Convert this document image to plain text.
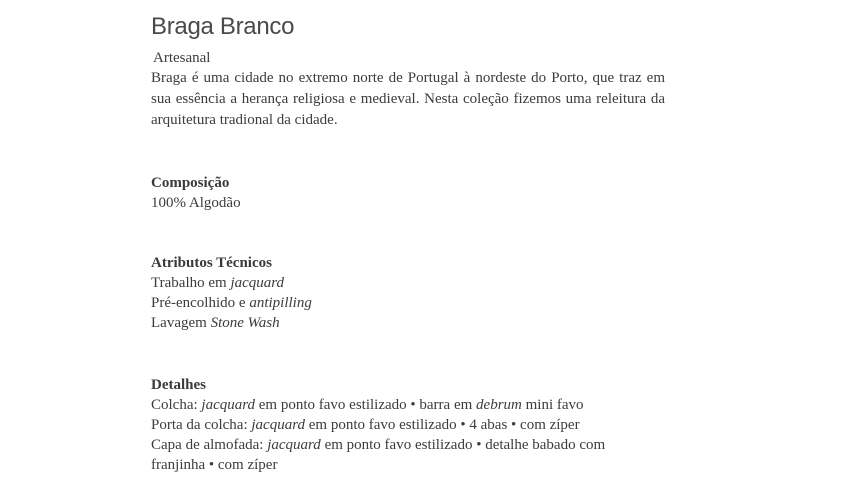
Braga Branco

Artesanal

Braga é uma cidade no extremo norte de Portugal à nordeste do Porto, que traz em sua essência a herança religiosa e medieval. Nesta coleção fizemos uma releitura da arquitetura tradional da cidade.

Composição

100% Algodão

Atributos Técnicos

Trabalho em jacquard

Pré-encolhido e antipilling

Lavagem Stone Wash

Detalhes

Colcha: jacquard em ponto favo estilizado • barra em debrum mini favo

Porta da colcha: jacquard em ponto favo estilizado • 4 abas • com zíper

Capa de almofada: jacquard em ponto favo estilizado • detalhe babado com

franjinha • com zíper
